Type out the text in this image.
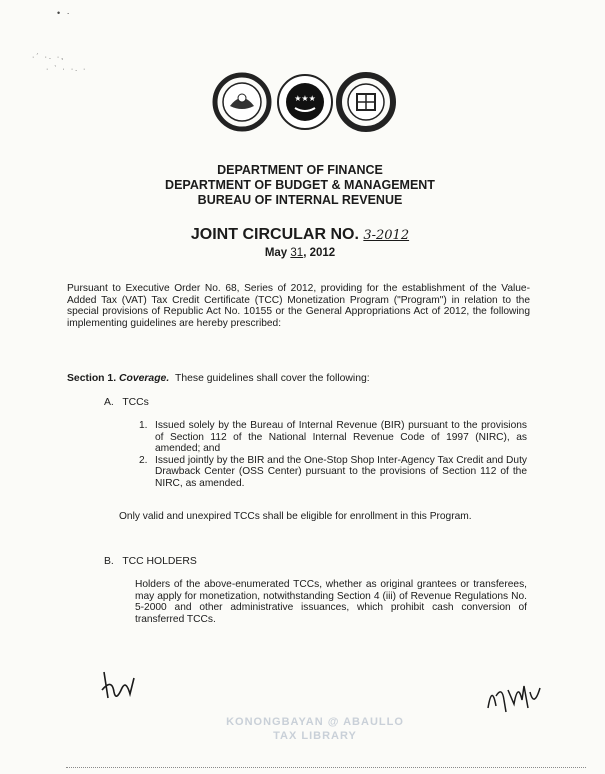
• ·
·´ ·. ·,
· ` · ·. ·
★★★
DEPARTMENT OF FINANCE
DEPARTMENT OF BUDGET & MANAGEMENT
BUREAU OF INTERNAL REVENUE
JOINT CIRCULAR NO. 3-2012
May 31, 2012
Pursuant to Executive Order No. 68, Series of 2012, providing for the establishment of the Value-Added Tax (VAT) Tax Credit Certificate (TCC) Monetization Program ("Program") in relation to the special provisions of Republic Act No. 10155 or the General Appropriations Act of 2012, the following implementing guidelines are hereby prescribed:
Section 1. Coverage. These guidelines shall cover the following:
A. TCCs
1. Issued solely by the Bureau of Internal Revenue (BIR) pursuant to the provisions of Section 112 of the National Internal Revenue Code of 1997 (NIRC), as amended; and
2. Issued jointly by the BIR and the One-Stop Shop Inter-Agency Tax Credit and Duty Drawback Center (OSS Center) pursuant to the provisions of Section 112 of the NIRC, as amended.
Only valid and unexpired TCCs shall be eligible for enrollment in this Program.
B. TCC HOLDERS
Holders of the above-enumerated TCCs, whether as original grantees or transferees, may apply for monetization, notwithstanding Section 4 (iii) of Revenue Regulations No. 5-2000 and other administrative issuances, which prohibit cash conversion of transferred TCCs.
KONONGBAYAN @ ABAULLO
TAX LIBRARY
